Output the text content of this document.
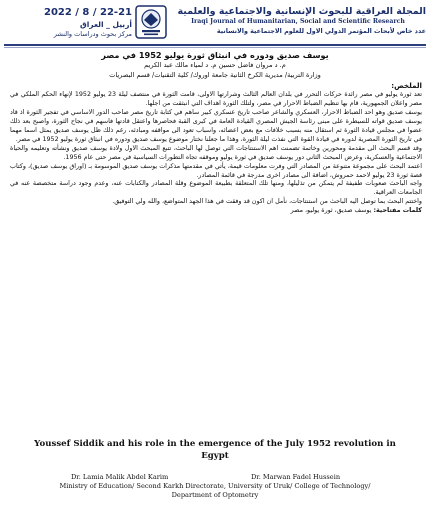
2022 / 8 / 22-21
أربيل _ العراق
مركز بحوث ودراسات والنشر
المجلة العراقية للبحوث الإنسانية والاجتماعية والعلمية
Iraqi Journal of Humanitarian, Social and Scientific Research
عدد خاص لأبحاث المؤتمر الدولي الاول للعلوم الاجتماعية والانسانية
يوسف صديق ودوره في انبثاق ثورة يوليو 1952 في مصر
م. د مروان فاضل حسين م. د لمياء مالك عبد الكريم
وزارة التربية/ مديرية الكرخ الثانية جامعة اوروك/ كلية التقنيات/ قسم البصريات

الملخص:

تعد ثورة يوليو في مصر رائدة حركات التحرر في بلدان العالم الثالث وشرارتها الاولى، قامت الثورة في منتصف ليلة 23 يوليو 1952 لإنهاء الحكم الملكي في مصر واعلان الجمهورية، قام بها تنظيم الضباط الاحرار في مصر، ولتلك الثورة اهداف التي انبثقت من اجلها.

يوسف صديق وهو احد الضباط الاحرار، العسكري والشاعر صاحب تاريخ عسكري كبير ساهم في كتابة تاريخ مصر صاحب الدور الاساسي في تفجير الثورة اذ قاد يوسف صديق قواته للسيطرة على مبنى رئاسة الجيش المصري القيادة العامة في كبرى القبة فحاصرها واعتقل قادتها فاسهم في نجاح الثورة، واصبح بعد ذلك عضوا في مجلس قيادة الثورة ثم استقال منه بسبب خلافات مع بعض اعضائه، واسباب تعود الى مواقفه ومبادئه، رغم ذلك ظل يوسف صديق يمثل اسما مهما في تاريخ الثورة المصرية لدوره في قيادة القوة التي نفذت ليلة الثورة، وهذا ما جعلنا نختار موضوع يوسف صديق ودوره في انبثاق ثورة يوليو 1952 في مصر.

وقد قسم البحث الى مقدمة ومحورين وخاتمة تضمنت اهم الاستنتاجات التي توصل لها الباحث، تتبع المبحث الاول ولادة يوسف صديق ونشأته وتعليمه والحياة الاجتماعية والعسكرية، وعرض المبحث الثاني دور يوسف صديق في ثورة يوليو وموقفه تجاه التطورات السياسية في مصر حتى عام 1956.

اعتمد البحث على مجموعة متنوعة من المصادر التي وفرت معلومات قيمة، يأتي في مقدمتها مذكرات يوسف صديق الموسومة بـ (اوراق يوسف صديق)، وكتاب قصة ثورة 23 يوليو لاحمد حمروش، اضافة الى مصادر اخرى مدرجة في قائمة المصادر.

واجه الباحث صعوبات طفيفة لم يتمكن من تذليلها، ومنها تلك المتعلقة بطبيعة الموضوع وقلة المصادر والكتابات عنه، وعدم وجود دراسة متخصصة عنه في الجامعات العراقية.

واختتم البحث بما توصل اليه الباحث من استنتاجات، نأمل ان اكون قد وفقت في هذا الجهد المتواضع، والله ولي التوفيق.

كلمات مفتاحية: يوسف صديق، ثورة يوليو، مصر

Youssef Siddik and his role in the emergence of the July 1952 revolution in Egypt
Dr. Lamia Malik Abdel Karim	Dr. Marwan Fadel Hussein
Ministry of Education/ Second Karkh Directorate, University of Uruk/ College of Technology/ Department of Optometry
